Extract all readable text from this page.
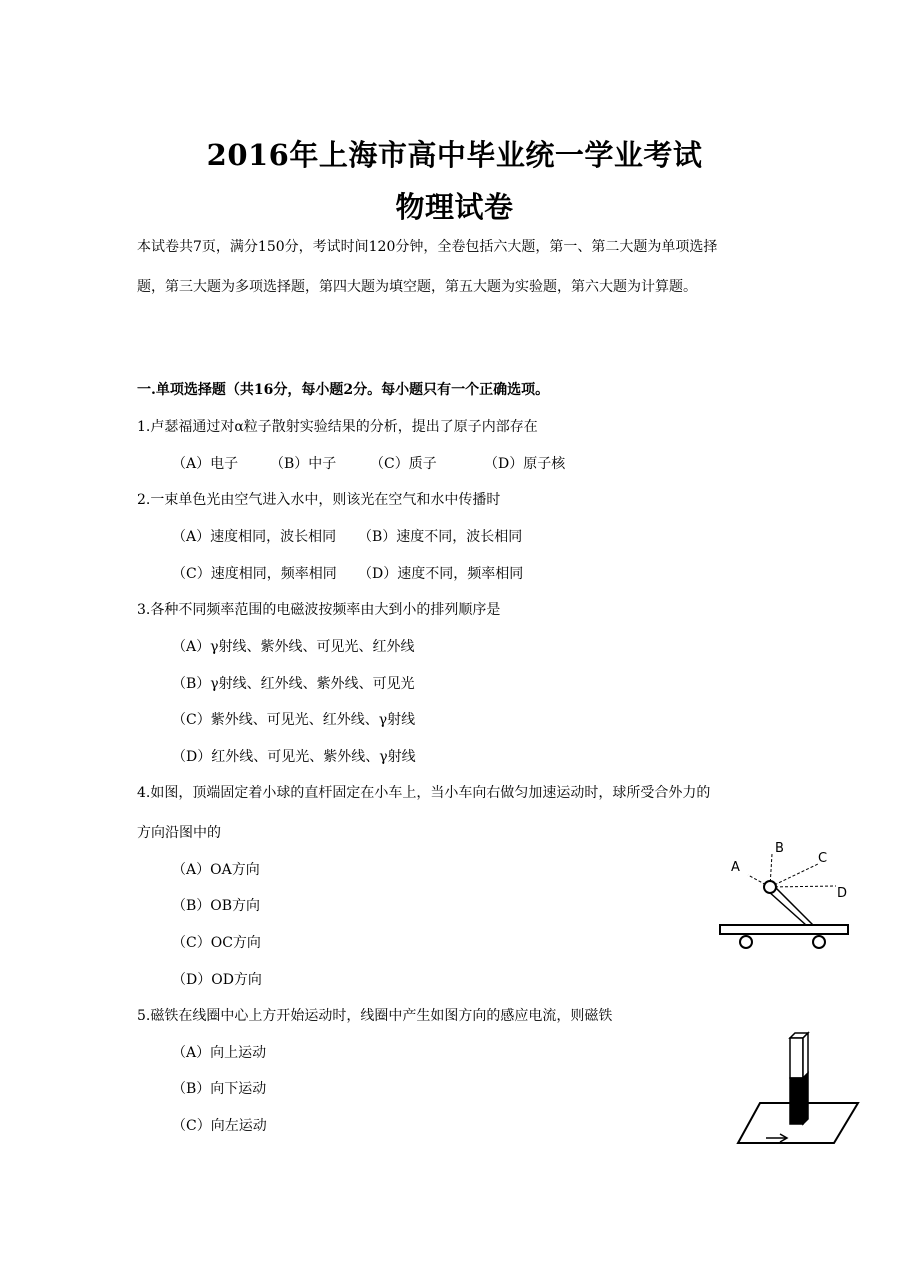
2016年上海市高中毕业统一学业考试
物理试卷
本试卷共7页，满分150分，考试时间120分钟，全卷包括六大题，第一、第二大题为单项选择
题，第三大题为多项选择题，第四大题为填空题，第五大题为实验题，第六大题为计算题。
一.单项选择题（共16分，每小题2分。每小题只有一个正确选项。
1.卢瑟福通过对α粒子散射实验结果的分析，提出了原子内部存在
（A）电子 （B）中子 （C）质子	（D）原子核
2.一束单色光由空气进入水中，则该光在空气和水中传播时
（A）速度相同，波长相同 （B）速度不同，波长相同
（C）速度相同，频率相同 （D）速度不同，频率相同
3.各种不同频率范围的电磁波按频率由大到小的排列顺序是
（A）γ射线、紫外线、可见光、红外线
（B）γ射线、红外线、紫外线、可见光
（C）紫外线、可见光、红外线、γ射线
（D）红外线、可见光、紫外线、γ射线
4.如图，顶端固定着小球的直杆固定在小车上，当小车向右做匀加速运动时，球所受合外力的
方向沿图中的
（A）OA方向
（B）OB方向
（C）OC方向
（D）OD方向
A
B
C
D
5.磁铁在线圈中心上方开始运动时，线圈中产生如图方向的感应电流，则磁铁
（A）向上运动
（B）向下运动
（C）向左运动
